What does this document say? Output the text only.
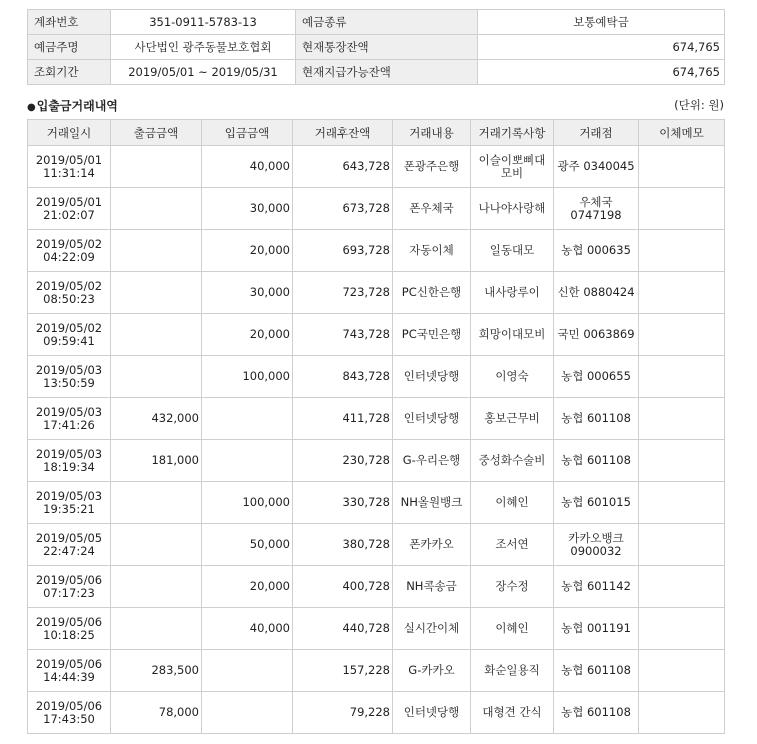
계좌번호	351-0911-5783-13	예금종류	보통예탁금
예금주명	사단법인 광주동물보호협회	현재통장잔액	674,765
조회기간	2019/05/01 ~ 2019/05/31	현재지급가능잔액	674,765
●입출금거래내역	(단위: 원)
거래일시	출금금액	입금금액	거래후잔액	거래내용	거래기록사항	거래점	이체메모

2019/05/01
11:31:14		40,000	643,728	폰광주은행	이슬이뽀삐대모비	광주 0340045	

2019/05/01
21:02:07		30,000	673,728	폰우체국	나나야사랑해	우체국 0747198	

2019/05/02
04:22:09		20,000	693,728	자동이체	일동대모	농협 000635	

2019/05/02
08:50:23		30,000	723,728	PC신한은행	내사랑루이	신한 0880424	

2019/05/02
09:59:41		20,000	743,728	PC국민은행	희망이대모비	국민 0063869	

2019/05/03
13:50:59		100,000	843,728	인터넷당행	이영숙	농협 000655	

2019/05/03
17:41:26	432,000		411,728	인터넷당행	홍보근무비	농협 601108	

2019/05/03
18:19:34	181,000		230,728	G-우리은행	중성화수술비	농협 601108	

2019/05/03
19:35:21		100,000	330,728	NH올원뱅크	이혜인	농협 601015	

2019/05/05
22:47:24		50,000	380,728	폰카카오	조서연	카카오뱅크 0900032	

2019/05/06
07:17:23		20,000	400,728	NH콕송금	장수정	농협 601142	

2019/05/06
10:18:25		40,000	440,728	실시간이체	이혜인	농협 001191	

2019/05/06
14:44:39	283,500		157,228	G-카카오	화순일용직	농협 601108	

2019/05/06
17:43:50	78,000		79,228	인터넷당행	대형견 간식	농협 601108	
